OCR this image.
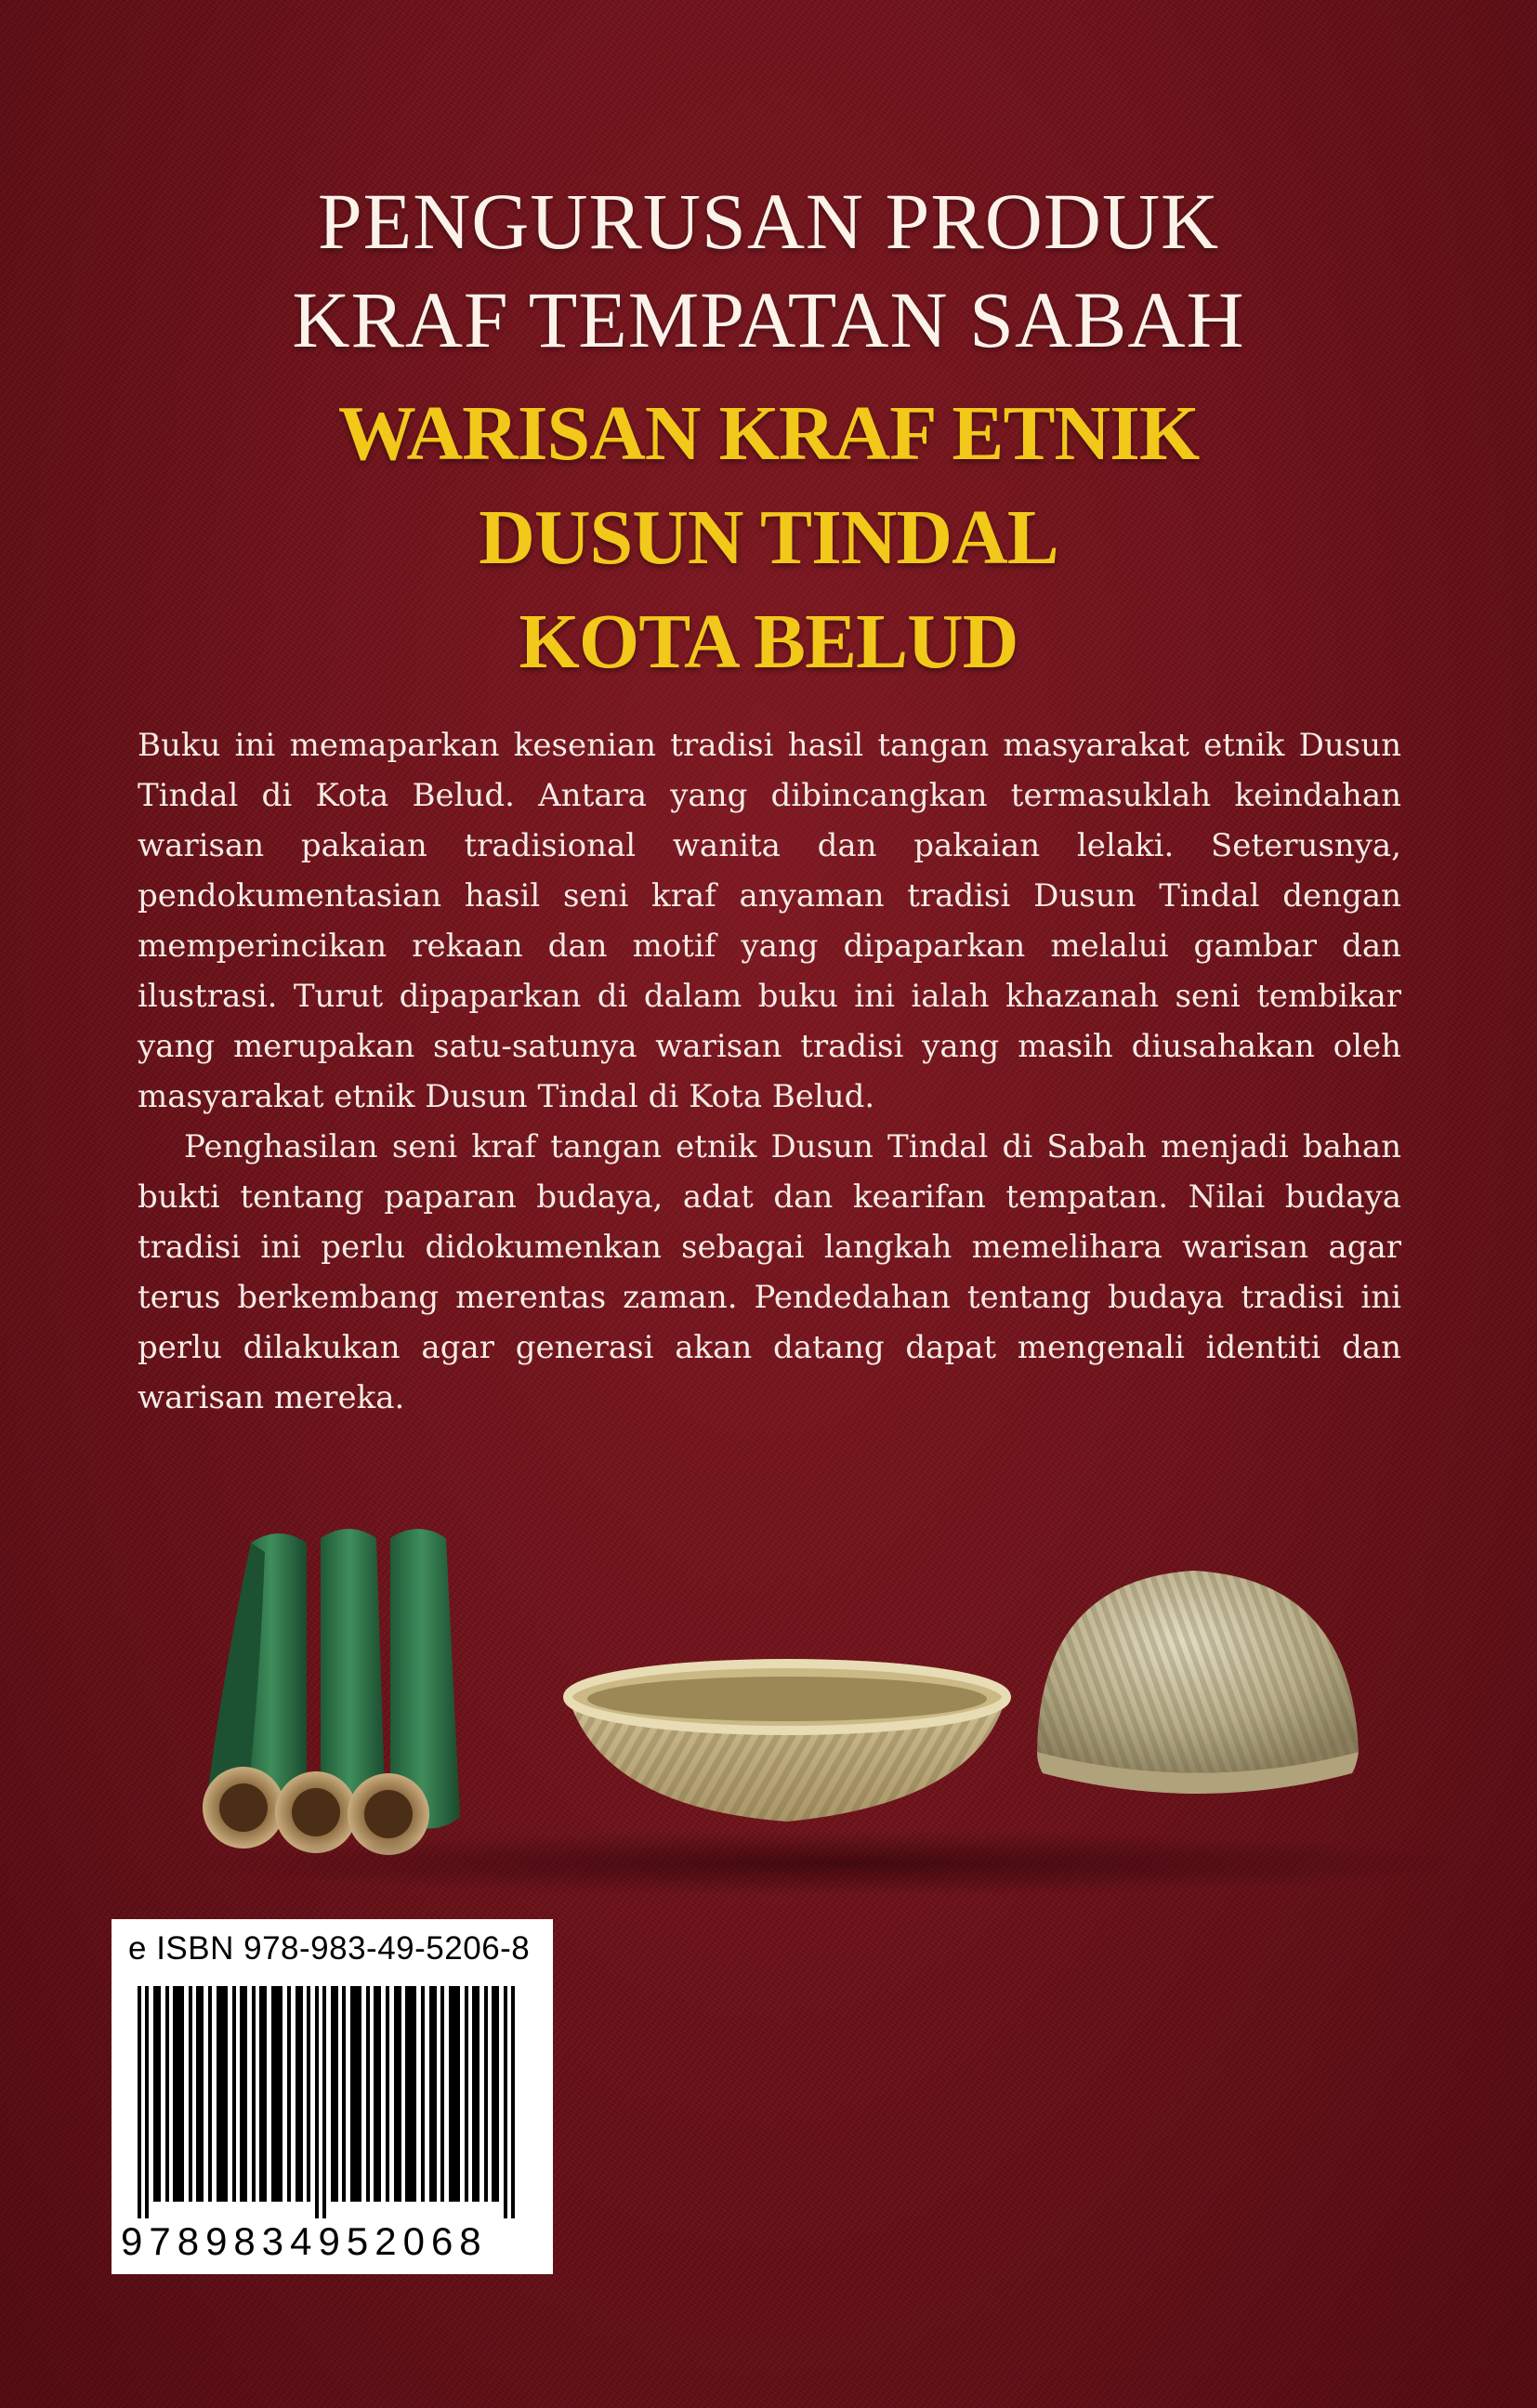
PENGURUSAN PRODUK
KRAF TEMPATAN SABAH
WARISAN KRAF ETNIK
DUSUN TINDAL
KOTA BELUD

Buku ini memaparkan kesenian tradisi hasil tangan masyarakat etnik Dusun Tindal di Kota Belud. Antara yang dibincangkan termasuklah keindahan warisan pakaian tradisional wanita dan pakaian lelaki. Seterusnya, pendokumentasian hasil seni kraf anyaman tradisi Dusun Tindal dengan memperincikan rekaan dan motif yang dipaparkan melalui gambar dan ilustrasi. Turut dipaparkan di dalam buku ini ialah khazanah seni tembikar yang merupakan satu-satunya warisan tradisi yang masih diusahakan oleh masyarakat etnik Dusun Tindal di Kota Belud.

Penghasilan seni kraf tangan etnik Dusun Tindal di Sabah menjadi bahan bukti tentang paparan budaya, adat dan kearifan tempatan. Nilai budaya tradisi ini perlu didokumenkan sebagai langkah memelihara warisan agar terus berkembang merentas zaman. Pendedahan tentang budaya tradisi ini perlu dilakukan agar generasi akan datang dapat mengenali identiti dan warisan mereka.

e ISBN 978-983-49-5206-8
9789834952068
